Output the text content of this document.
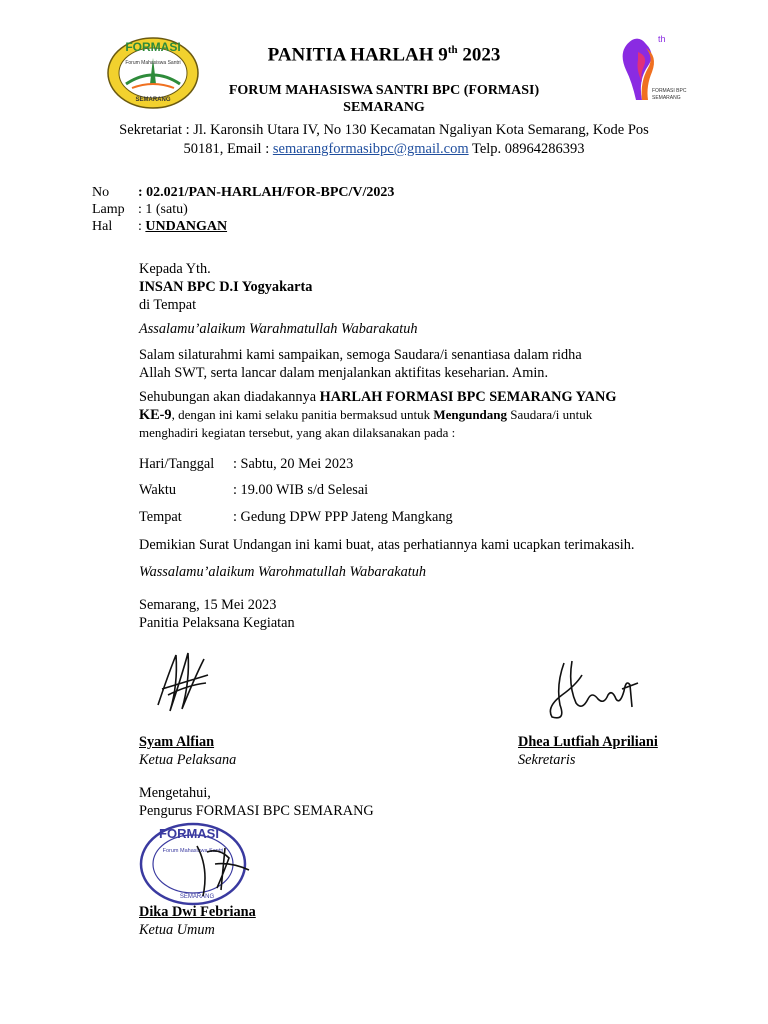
FORMASI
Forum Mahasiswa Santri
SEMARANG
th
FORMASI BPC
SEMARANG
PANITIA HARLAH 9th 2023
FORUM MAHASISWA SANTRI BPC (FORMASI)
SEMARANG
Sekretariat : Jl. Karonsih Utara IV, No 130 Kecamatan Ngaliyan Kota Semarang, Kode Pos
50181, Email : semarangformasibpc@gmail.com Telp. 08964286393
No : 02.021/PAN-HARLAH/FOR-BPC/V/2023
Lamp : 1 (satu)
Hal : UNDANGAN
Kepada Yth.
INSAN BPC D.I Yogyakarta
di Tempat
Assalamu’alaikum Warahmatullah Wabarakatuh
Salam silaturahmi kami sampaikan, semoga Saudara/i senantiasa dalam ridha
Allah SWT, serta lancar dalam menjalankan aktifitas keseharian. Amin.
Sehubungan akan diadakannya HARLAH FORMASI BPC SEMARANG YANG
KE-9, dengan ini kami selaku panitia bermaksud untuk Mengundang Saudara/i untuk
menghadiri kegiatan tersebut, yang akan dilaksanakan pada :
Hari/Tanggal : Sabtu, 20 Mei 2023
Waktu	: 19.00 WIB s/d Selesai
Tempat	: Gedung DPW PPP Jateng Mangkang
Demikian Surat Undangan ini kami buat, atas perhatiannya kami ucapkan terimakasih.
Wassalamu’alaikum Warohmatullah Wabarakatuh
Semarang, 15 Mei 2023
Panitia Pelaksana Kegiatan
Syam Alfian
Ketua Pelaksana
Dhea Lutfiah Apriliani
Sekretaris
Mengetahui,
Pengurus FORMASI BPC SEMARANG
FORMASI
Forum Mahasiswa Santri
SEMARANG
Dika Dwi Febriana
Ketua Umum
